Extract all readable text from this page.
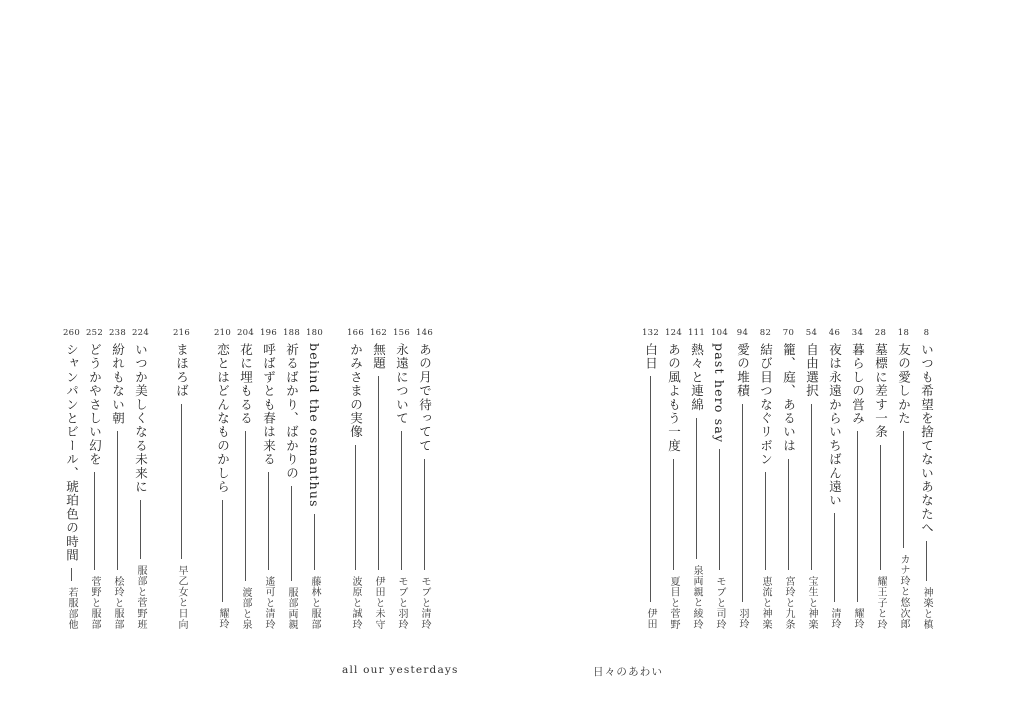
146
あの月で待ってて
モブと清玲
156
永遠について
モブと羽玲
162
無題
伊田と未守
166
かみさまの実像
波原と誠玲
180
behind the osmanthus
藤林と服部
188
祈るばかり、ばかりの
服部両親
196
呼ばずとも春は来る
遙可と清玲
204
花に埋もるる
渡部と泉
210
恋とはどんなものかしら
耀玲
216
まほろば
早乙女と日向
224
いつか美しくなる未来に
服部と菅野班
238
紛れもない朝
桧玲と服部
252
どうかやさしい幻を
菅野と服部
260
シャンパンとビール、琥珀色の時間
若服部他
all our yesterdays
8
いつも希望を捨てないあなたへ
神楽と槙
18
友の愛しかた
カナ玲と悠次郎
28
墓標に差す一条
耀王子と玲
34
暮らしの営み
耀玲
46
夜は永遠からいちばん遠い
清玲
54
自由選択
宝生と神楽
70
籠、庭、あるいは
宮玲と九条
82
結び目つなぐリボン
恵流と神楽
94
愛の堆積
羽玲
104
past hero say
モブと司玲
111
熱々と連綿
泉両親と綾玲
124
あの風よもう一度
夏目と菅野
132
白日
伊田
日々のあわい
